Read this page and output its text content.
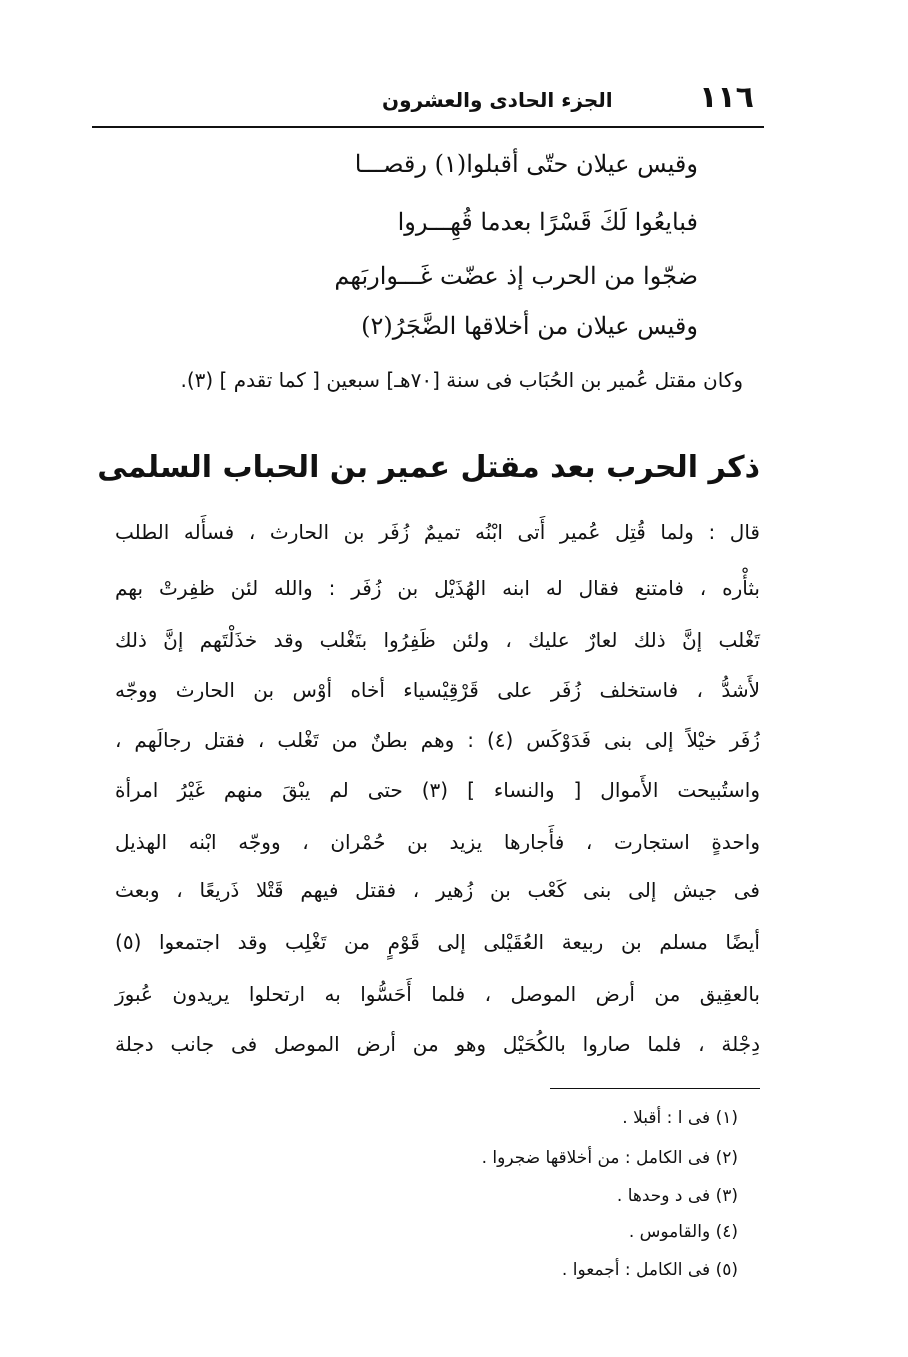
١١٦
الجزء الحادى والعشرون
وقيس عيلان حتّى أقبلوا(١) رقصـــا
فبايعُوا لَكَ قَسْرًا بعدما قُهِـــروا
ضجّوا من الحرب إذ عضّت غَـــواربَهم
وقيس عيلان من أخلاقها الضَّجَرُ(٢)
وكان مقتل عُمير بن الحُبَاب فى سنة [٧٠هـ] سبعين [ كما تقدم ] (٣).
ذكر الحرب بعد مقتل عمير بن الحباب السلمى
قال : ولما قُتِل عُمير أَتى ابْنُه تميمٌ زُفَر بن الحارث ، فسأَله الطلب
بثأْره ، فامتنع فقال له ابنه الهُذَيْل بن زُفَر : والله لئن ظفِرتْ بهم
تَغْلب إنَّ ذلك لعارٌ عليك ، ولئن ظَفِرُوا بتَغْلب وقد خذَلْتَهم إنَّ ذلك
لأَشدُّ ، فاستخلف زُفَر على قَرْقِيْسياء أخاه أوْس بن الحارث ووجّه
زُفَر خيْلاً إلى بنى فَدَوْكَس (٤) : وهم بطنٌ من تَغْلب ، فقتل رجالَهم ،
واستُبيحت الأَموال [ والنساء ] (٣) حتى لم يبْقَ منهم غَيْرُ امرأة
واحدةٍ استجارت ، فأَجارها يزيد بن حُمْران ، ووجّه ابْنه الهذيل
فى جيش إلى بنى كَعْب بن زُهير ، فقتل فيهم قَتْلا ذَريعًا ، وبعث
أيضًا مسلم بن ربيعة العُقَيْلى إلى قَوْمٍ من تَغْلِب وقد اجتمعوا (٥)
بالعقِيق من أرض الموصل ، فلما أَحَسُّوا به ارتحلوا يريدون عُبورَ
دِجْلة ، فلما صاروا بالكُحَيْل وهو من أرض الموصل فى جانب دجلة
(١) فى ا : أقبلا .
(٢) فى الكامل : من أخلاقها ضجروا .
(٣) فى د وحدها .
(٤) والقاموس .
(٥) فى الكامل : أجمعوا .
